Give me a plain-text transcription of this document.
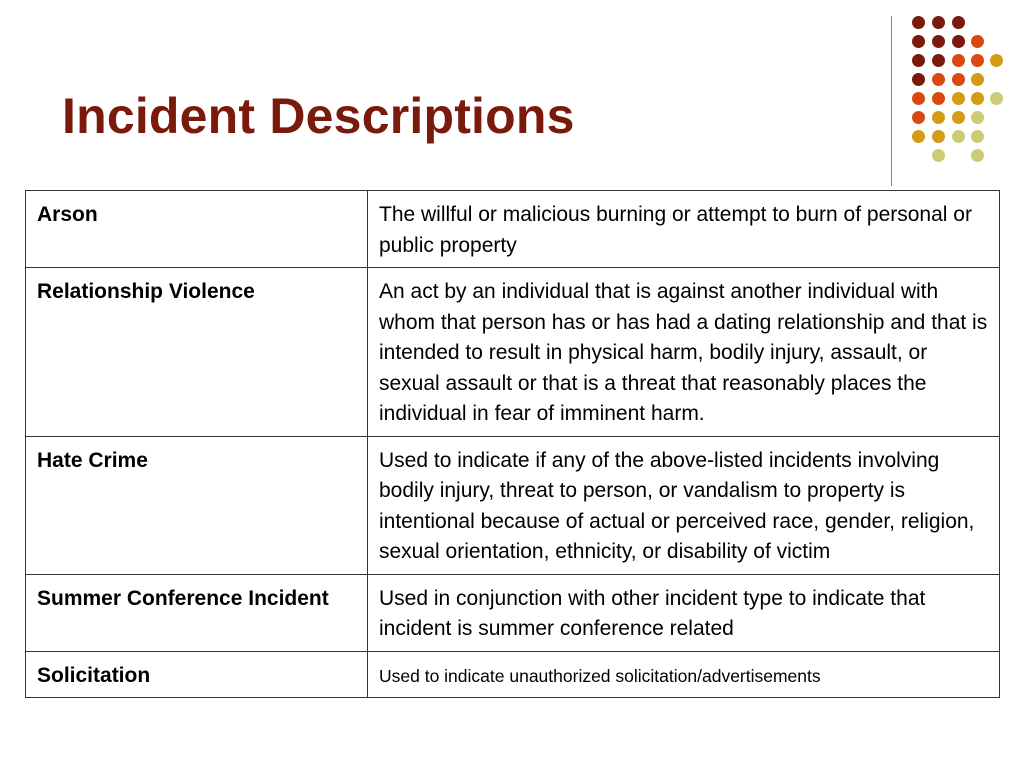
Incident Descriptions
Arson	The willful or malicious burning or attempt to burn of personal or public property
Relationship Violence	An act by an individual that is against another individual with whom that person has or has had a dating relationship and that is intended to result in physical harm, bodily injury, assault, or sexual assault or that is a threat that reasonably places the individual in fear of imminent harm.
Hate Crime	Used to indicate if any of the above-listed incidents involving bodily injury, threat to person, or vandalism to property is intentional because of actual or perceived race, gender, religion, sexual orientation, ethnicity, or disability of victim
Summer Conference Incident	Used in conjunction with other incident type to indicate that incident is summer conference related
Solicitation	Used to indicate unauthorized solicitation/advertisements
